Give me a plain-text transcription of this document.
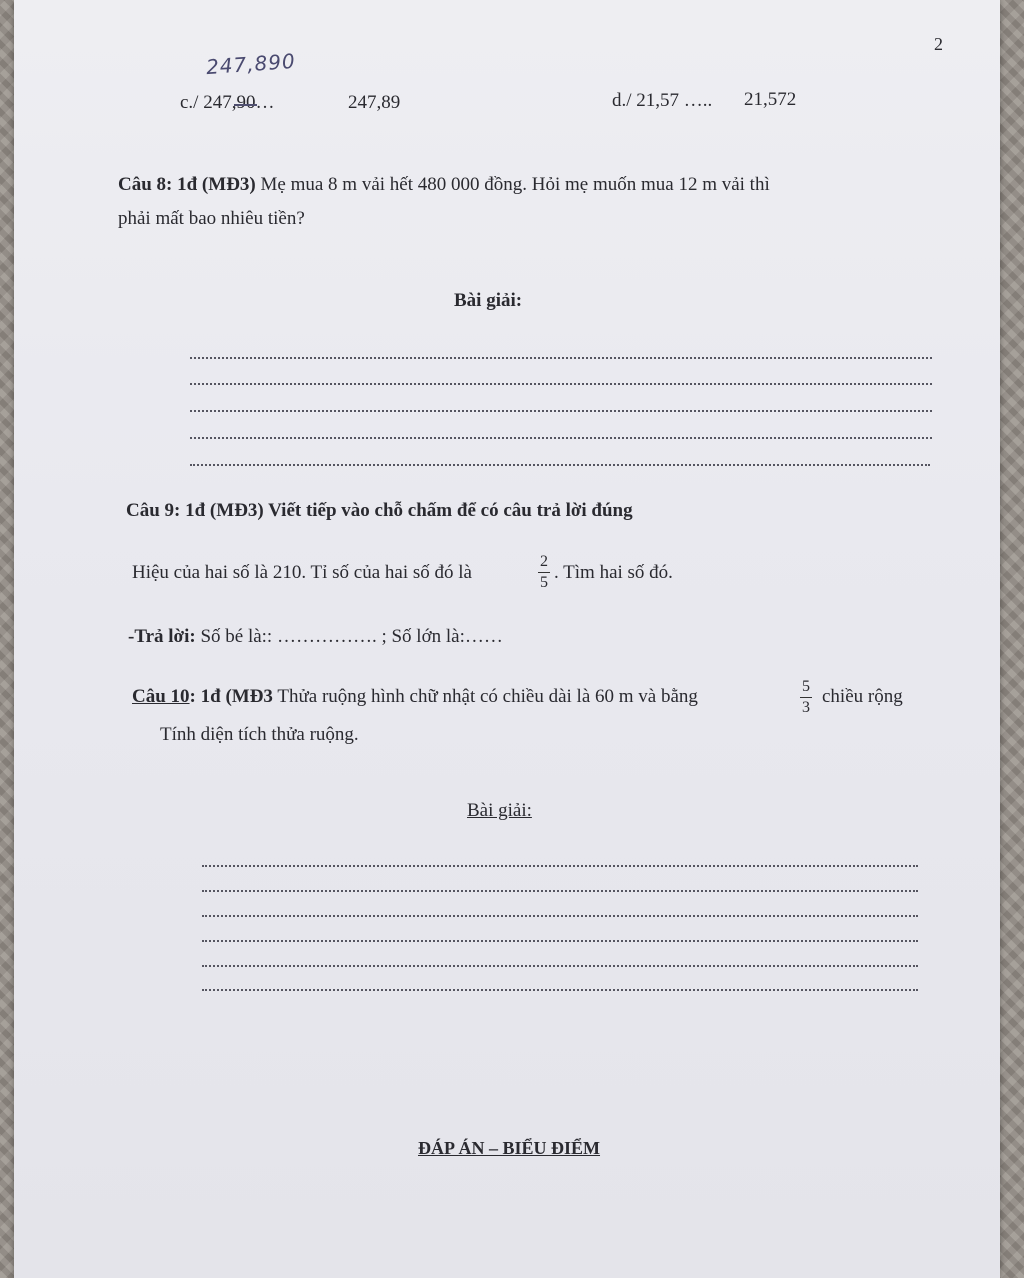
2
247,890
c./ 247,90…	247,89	d./ 21,57 ….. 21,572
Câu 8: 1đ (MĐ3) Mẹ mua 8 m vải hết 480 000 đồng. Hỏi mẹ muốn mua 12 m vải thì
phải mất bao nhiêu tiền?
Bài giải:
Câu 9: 1đ (MĐ3) Viết tiếp vào chỗ chấm để có câu trả lời đúng
Hiệu của hai số là 210. Tỉ số của hai số đó là
2
5 . Tìm hai số đó.
-Trả lời: Số bé là:: ……………. ; Số lớn là:……
Câu 10: 1đ (MĐ3 Thửa ruộng hình chữ nhật có chiều dài là 60 m và bằng	5
3
chiều rộng
Tính diện tích thửa ruộng.
Bài giải:
ĐÁP ÁN – BIỂU ĐIỂM
